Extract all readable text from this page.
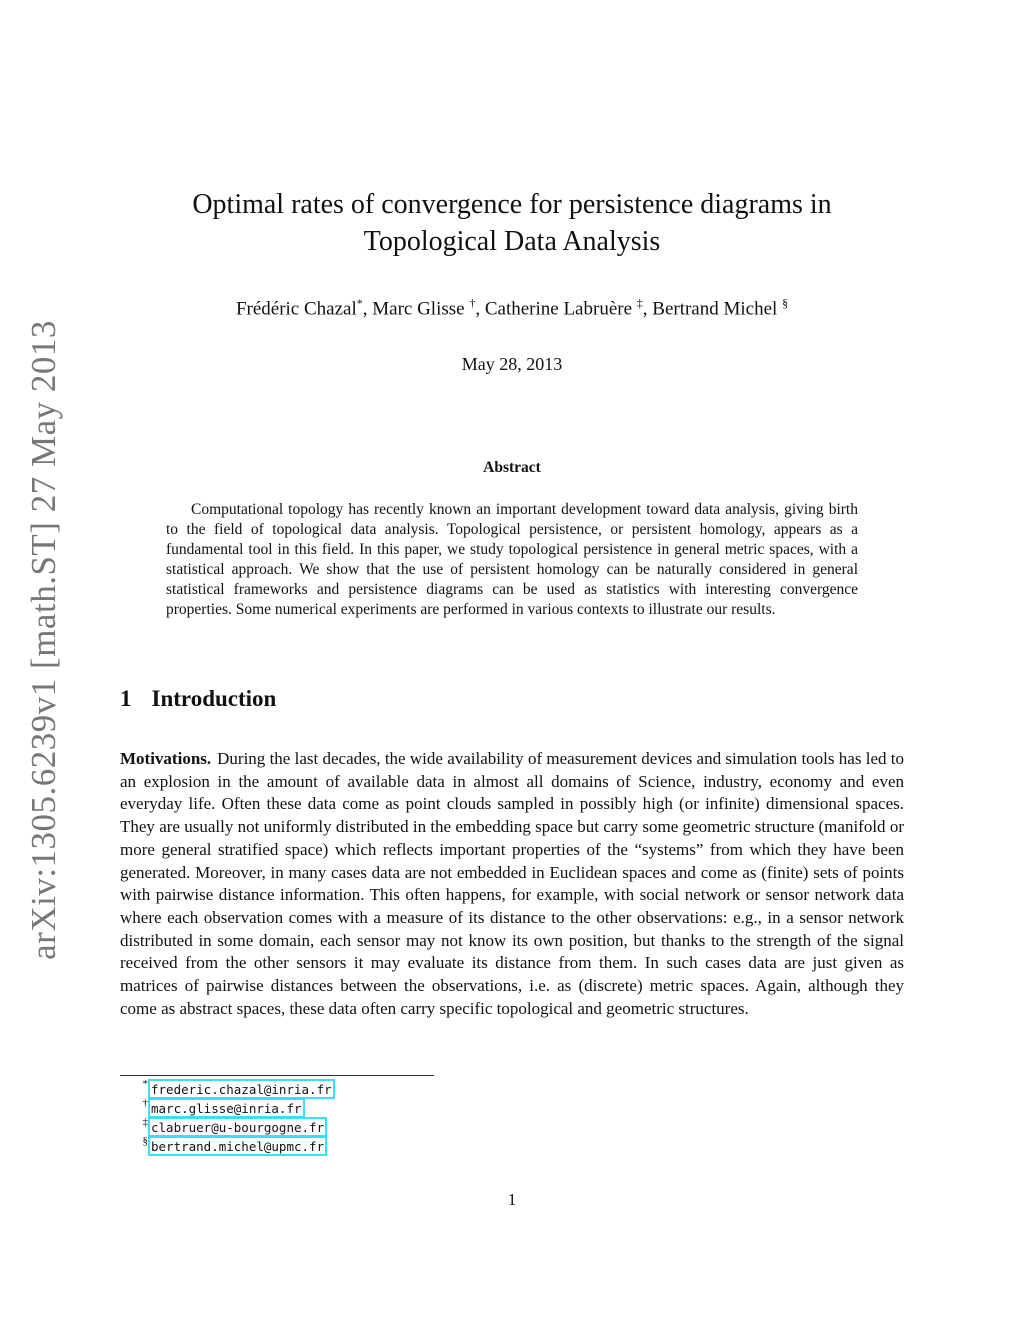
arXiv:1305.6239v1 [math.ST] 27 May 2013
Optimal rates of convergence for persistence diagrams in
Topological Data Analysis
Frédéric Chazal*, Marc Glisse †, Catherine Labruère ‡, Bertrand Michel §
May 28, 2013
Abstract

Computational topology has recently known an important development toward data analysis, giving birth to the field of topological data analysis. Topological persistence, or persistent homology, appears as a fundamental tool in this field. In this paper, we study topological persistence in general metric spaces, with a statistical approach. We show that the use of persistent homology can be naturally considered in general statistical frameworks and persistence diagrams can be used as statistics with interesting convergence properties. Some numerical experiments are performed in various contexts to illustrate our results.

1 Introduction

Motivations. During the last decades, the wide availability of measurement devices and simulation tools has led to an explosion in the amount of available data in almost all domains of Science, industry, economy and even everyday life. Often these data come as point clouds sampled in possibly high (or infinite) dimensional spaces. They are usually not uniformly distributed in the embedding space but carry some geometric structure (manifold or more general stratified space) which reflects important properties of the “systems” from which they have been generated. Moreover, in many cases data are not embedded in Euclidean spaces and come as (finite) sets of points with pairwise distance information. This often happens, for example, with social network or sensor network data where each observation comes with a measure of its distance to the other observations: e.g., in a sensor network distributed in some domain, each sensor may not know its own position, but thanks to the strength of the signal received from the other sensors it may evaluate its distance from them. In such cases data are just given as matrices of pairwise distances between the observations, i.e. as (discrete) metric spaces. Again, although they come as abstract spaces, these data often carry specific topological and geometric structures.

* frederic.chazal@inria.fr
† marc.glisse@inria.fr
‡ clabruer@u-bourgogne.fr
§ bertrand.michel@upmc.fr
1
